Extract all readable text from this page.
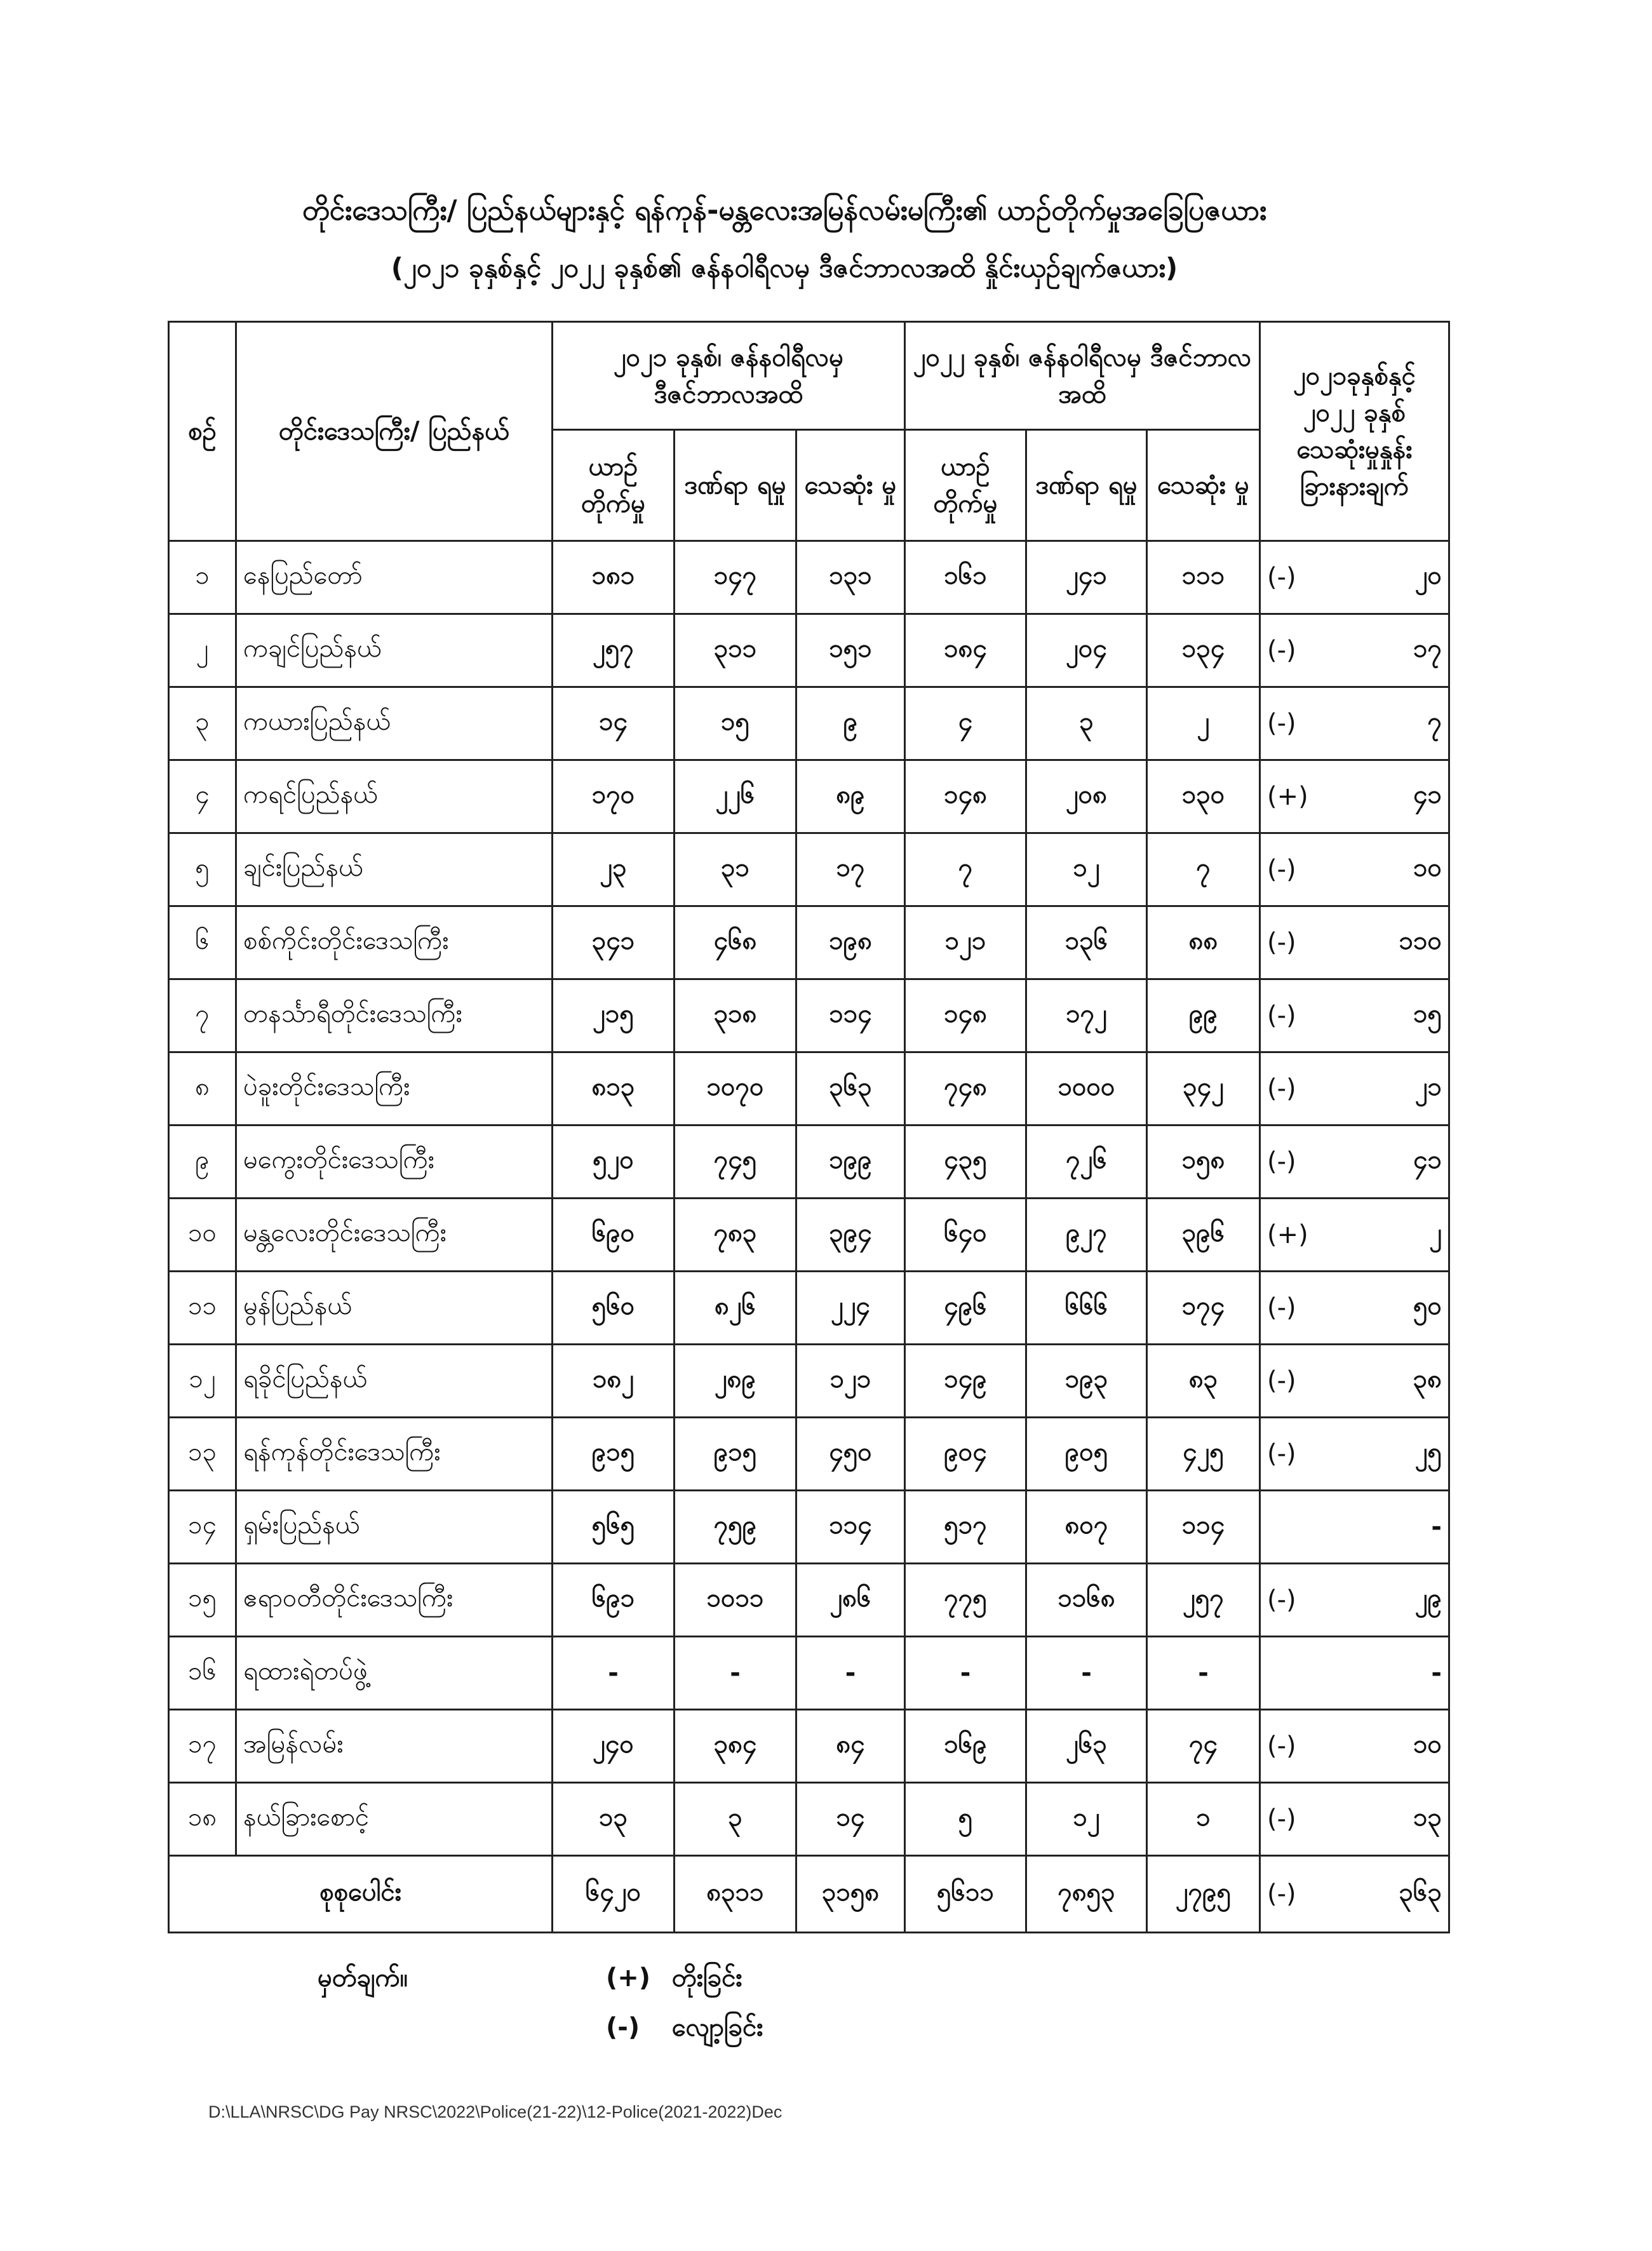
တိုင်းဒေသကြီး/ ပြည်နယ်များနှင့် ရန်ကုန်-မန္တလေးအမြန်လမ်းမကြီး၏ ယာဉ်တိုက်မှုအခြေပြဇယား
(၂၀၂၁ ခုနှစ်နှင့် ၂၀၂၂ ခုနှစ်၏ ဇန်နဝါရီလမှ ဒီဇင်ဘာလအထိ နှိုင်းယှဉ်ချက်ဇယား)
စဉ်	တိုင်းဒေသကြီး/ ပြည်နယ်	၂၀၂၁ ခုနှစ်၊ ဇန်နဝါရီလမှ ဒီဇင်ဘာလအထိ			၂၀၂၂ ခုနှစ်၊ ဇန်နဝါရီလမှ ဒီဇင်ဘာလအထိ			၂၀၂၁ခုနှစ်နှင့် ၂၀၂၂ ခုနှစ် သေဆုံးမှုနှုန်း ခြားနားချက်	
		ယာဉ် တိုက်မှု	ဒဏ်ရာ ရမှု	သေဆုံး မှု	ယာဉ် တိုက်မှု	ဒဏ်ရာ ရမှု	သေဆုံး မှု		
၁	နေပြည်တော်	၁၈၁	၁၄၇	၁၃၁	၁၆၁	၂၄၁	၁၁၁	(-)	၂၀
၂	ကချင်ပြည်နယ်	၂၅၇	၃၁၁	၁၅၁	၁၈၄	၂၀၄	၁၃၄	(-)	၁၇
၃	ကယားပြည်နယ်	၁၄	၁၅	၉	၄	၃	၂	(-)	၇
၄	ကရင်ပြည်နယ်	၁၇၀	၂၂၆	၈၉	၁၄၈	၂၀၈	၁၃၀	(+)	၄၁
၅	ချင်းပြည်နယ်	၂၃	၃၁	၁၇	၇	၁၂	၇	(-)	၁၀
၆	စစ်ကိုင်းတိုင်းဒေသကြီး	၃၄၁	၄၆၈	၁၉၈	၁၂၁	၁၃၆	၈၈	(-)	၁၁၀
၇	တနင်္သာရီတိုင်းဒေသကြီး	၂၁၅	၃၁၈	၁၁၄	၁၄၈	၁၇၂	၉၉	(-)	၁၅
၈	ပဲခူးတိုင်းဒေသကြီး	၈၁၃	၁၀၇၀	၃၆၃	၇၄၈	၁၀၀၀	၃၄၂	(-)	၂၁
၉	မကွေးတိုင်းဒေသကြီး	၅၂၀	၇၄၅	၁၉၉	၄၃၅	၇၂၆	၁၅၈	(-)	၄၁
၁၀	မန္တလေးတိုင်းဒေသကြီး	၆၉၀	၇၈၃	၃၉၄	၆၄၀	၉၂၇	၃၉၆	(+)	၂
၁၁	မွန်ပြည်နယ်	၅၆၀	၈၂၆	၂၂၄	၄၉၆	၆၆၆	၁၇၄	(-)	၅၀
၁၂	ရခိုင်ပြည်နယ်	၁၈၂	၂၈၉	၁၂၁	၁၄၉	၁၉၃	၈၃	(-)	၃၈
၁၃	ရန်ကုန်တိုင်းဒေသကြီး	၉၁၅	၉၁၅	၄၅၀	၉၀၄	၉၀၅	၄၂၅	(-)	၂၅
၁၄	ရှမ်းပြည်နယ်	၅၆၅	၇၅၉	၁၁၄	၅၁၇	၈၀၇	၁၁၄		-
၁၅	ဧရာဝတီတိုင်းဒေသကြီး	၆၉၁	၁၀၁၁	၂၈၆	၇၇၅	၁၁၆၈	၂၅၇	(-)	၂၉
၁၆	ရထားရဲတပ်ဖွဲ့	-	-	-	-	-	-		-
၁၇	အမြန်လမ်း	၂၄၀	၃၈၄	၈၄	၁၆၉	၂၆၃	၇၄	(-)	၁၀
၁၈	နယ်ခြားစောင့်	၁၃	၃	၁၄	၅	၁၂	၁	(-)	၁၃
စုစုပေါင်း		၆၄၂၀	၈၃၁၁	၃၁၅၈	၅၆၁၁	၇၈၅၃	၂၇၉၅	(-)	၃၆၃
မှတ်ချက်။	(+) တိုးခြင်း
(-) လျော့ခြင်း
D:\LLA\NRSC\DG Pay NRSC\2022\Police(21-22)\12-Police(2021-2022)Dec
